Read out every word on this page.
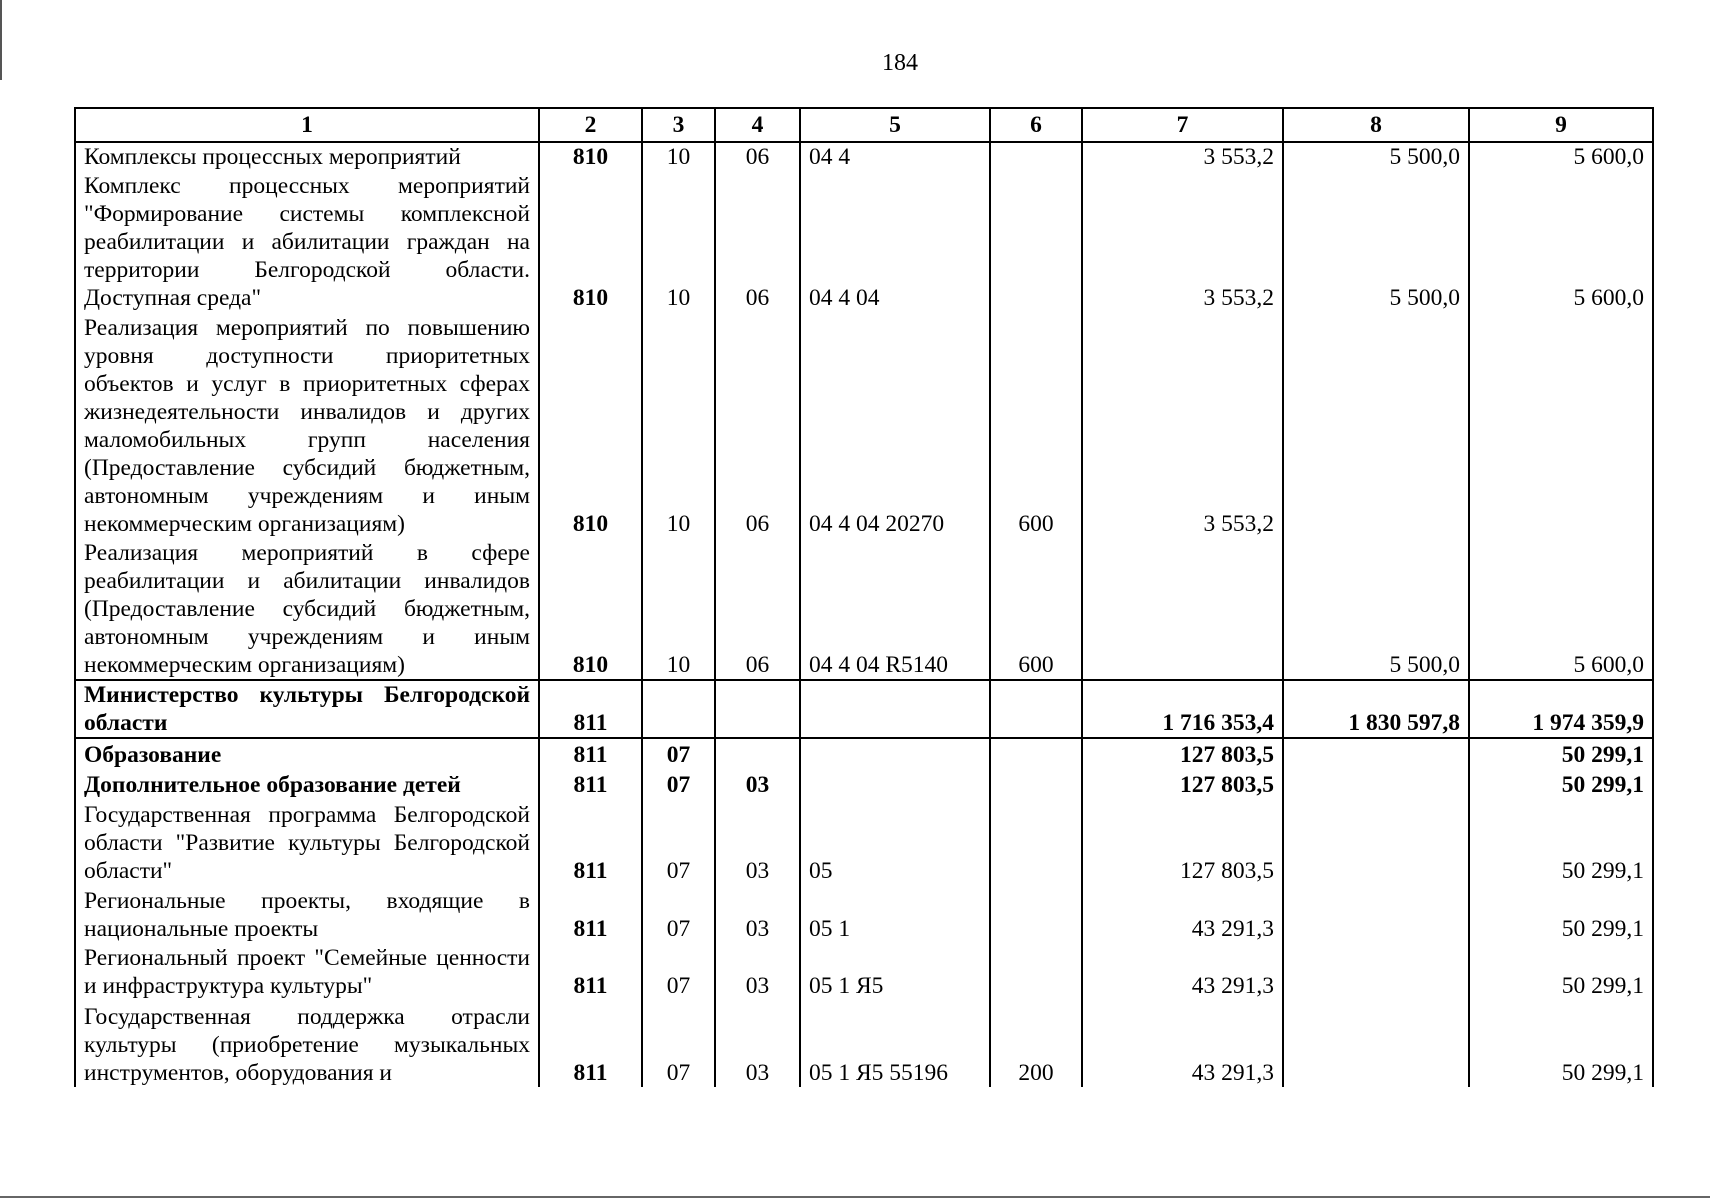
184
1	2	3	4	5	6	7	8	9
Комплексы процессных мероприятий	810	10	06	04 4		3 553,2	5 500,0	5 600,0
Комплекс процессных мероприятий "Формирование системы комплексной реабилитации и абилитации граждан на территории Белгородской области. Доступная среда"	810	10	06	04 4 04		3 553,2	5 500,0	5 600,0
Реализация мероприятий по повышению уровня доступности приоритетных объектов и услуг в приоритетных сферах жизнедеятельности инвалидов и других маломобильных групп населения (Предоставление субсидий бюджетным, автономным учреждениям и иным некоммерческим организациям)	810	10	06	04 4 04 20270	600	3 553,2		
Реализация мероприятий в сфере реабилитации и абилитации инвалидов (Предоставление субсидий бюджетным, автономным учреждениям и иным некоммерческим организациям)	810	10	06	04 4 04 R5140	600		5 500,0	5 600,0
Министерство культуры Белгородской области	811					1 716 353,4	1 830 597,8	1 974 359,9
Образование	811	07				127 803,5		50 299,1
Дополнительное образование детей	811	07	03			127 803,5		50 299,1
Государственная программа Белгородской области "Развитие культуры Белгородской области"	811	07	03	05		127 803,5		50 299,1
Региональные проекты, входящие в национальные проекты	811	07	03	05 1		43 291,3		50 299,1
Региональный проект "Семейные ценности и инфраструктура культуры"	811	07	03	05 1 Я5		43 291,3		50 299,1
Государственная поддержка отрасли культуры (приобретение музыкальных инструментов, оборудования и	811	07	03	05 1 Я5 55196	200	43 291,3		50 299,1
